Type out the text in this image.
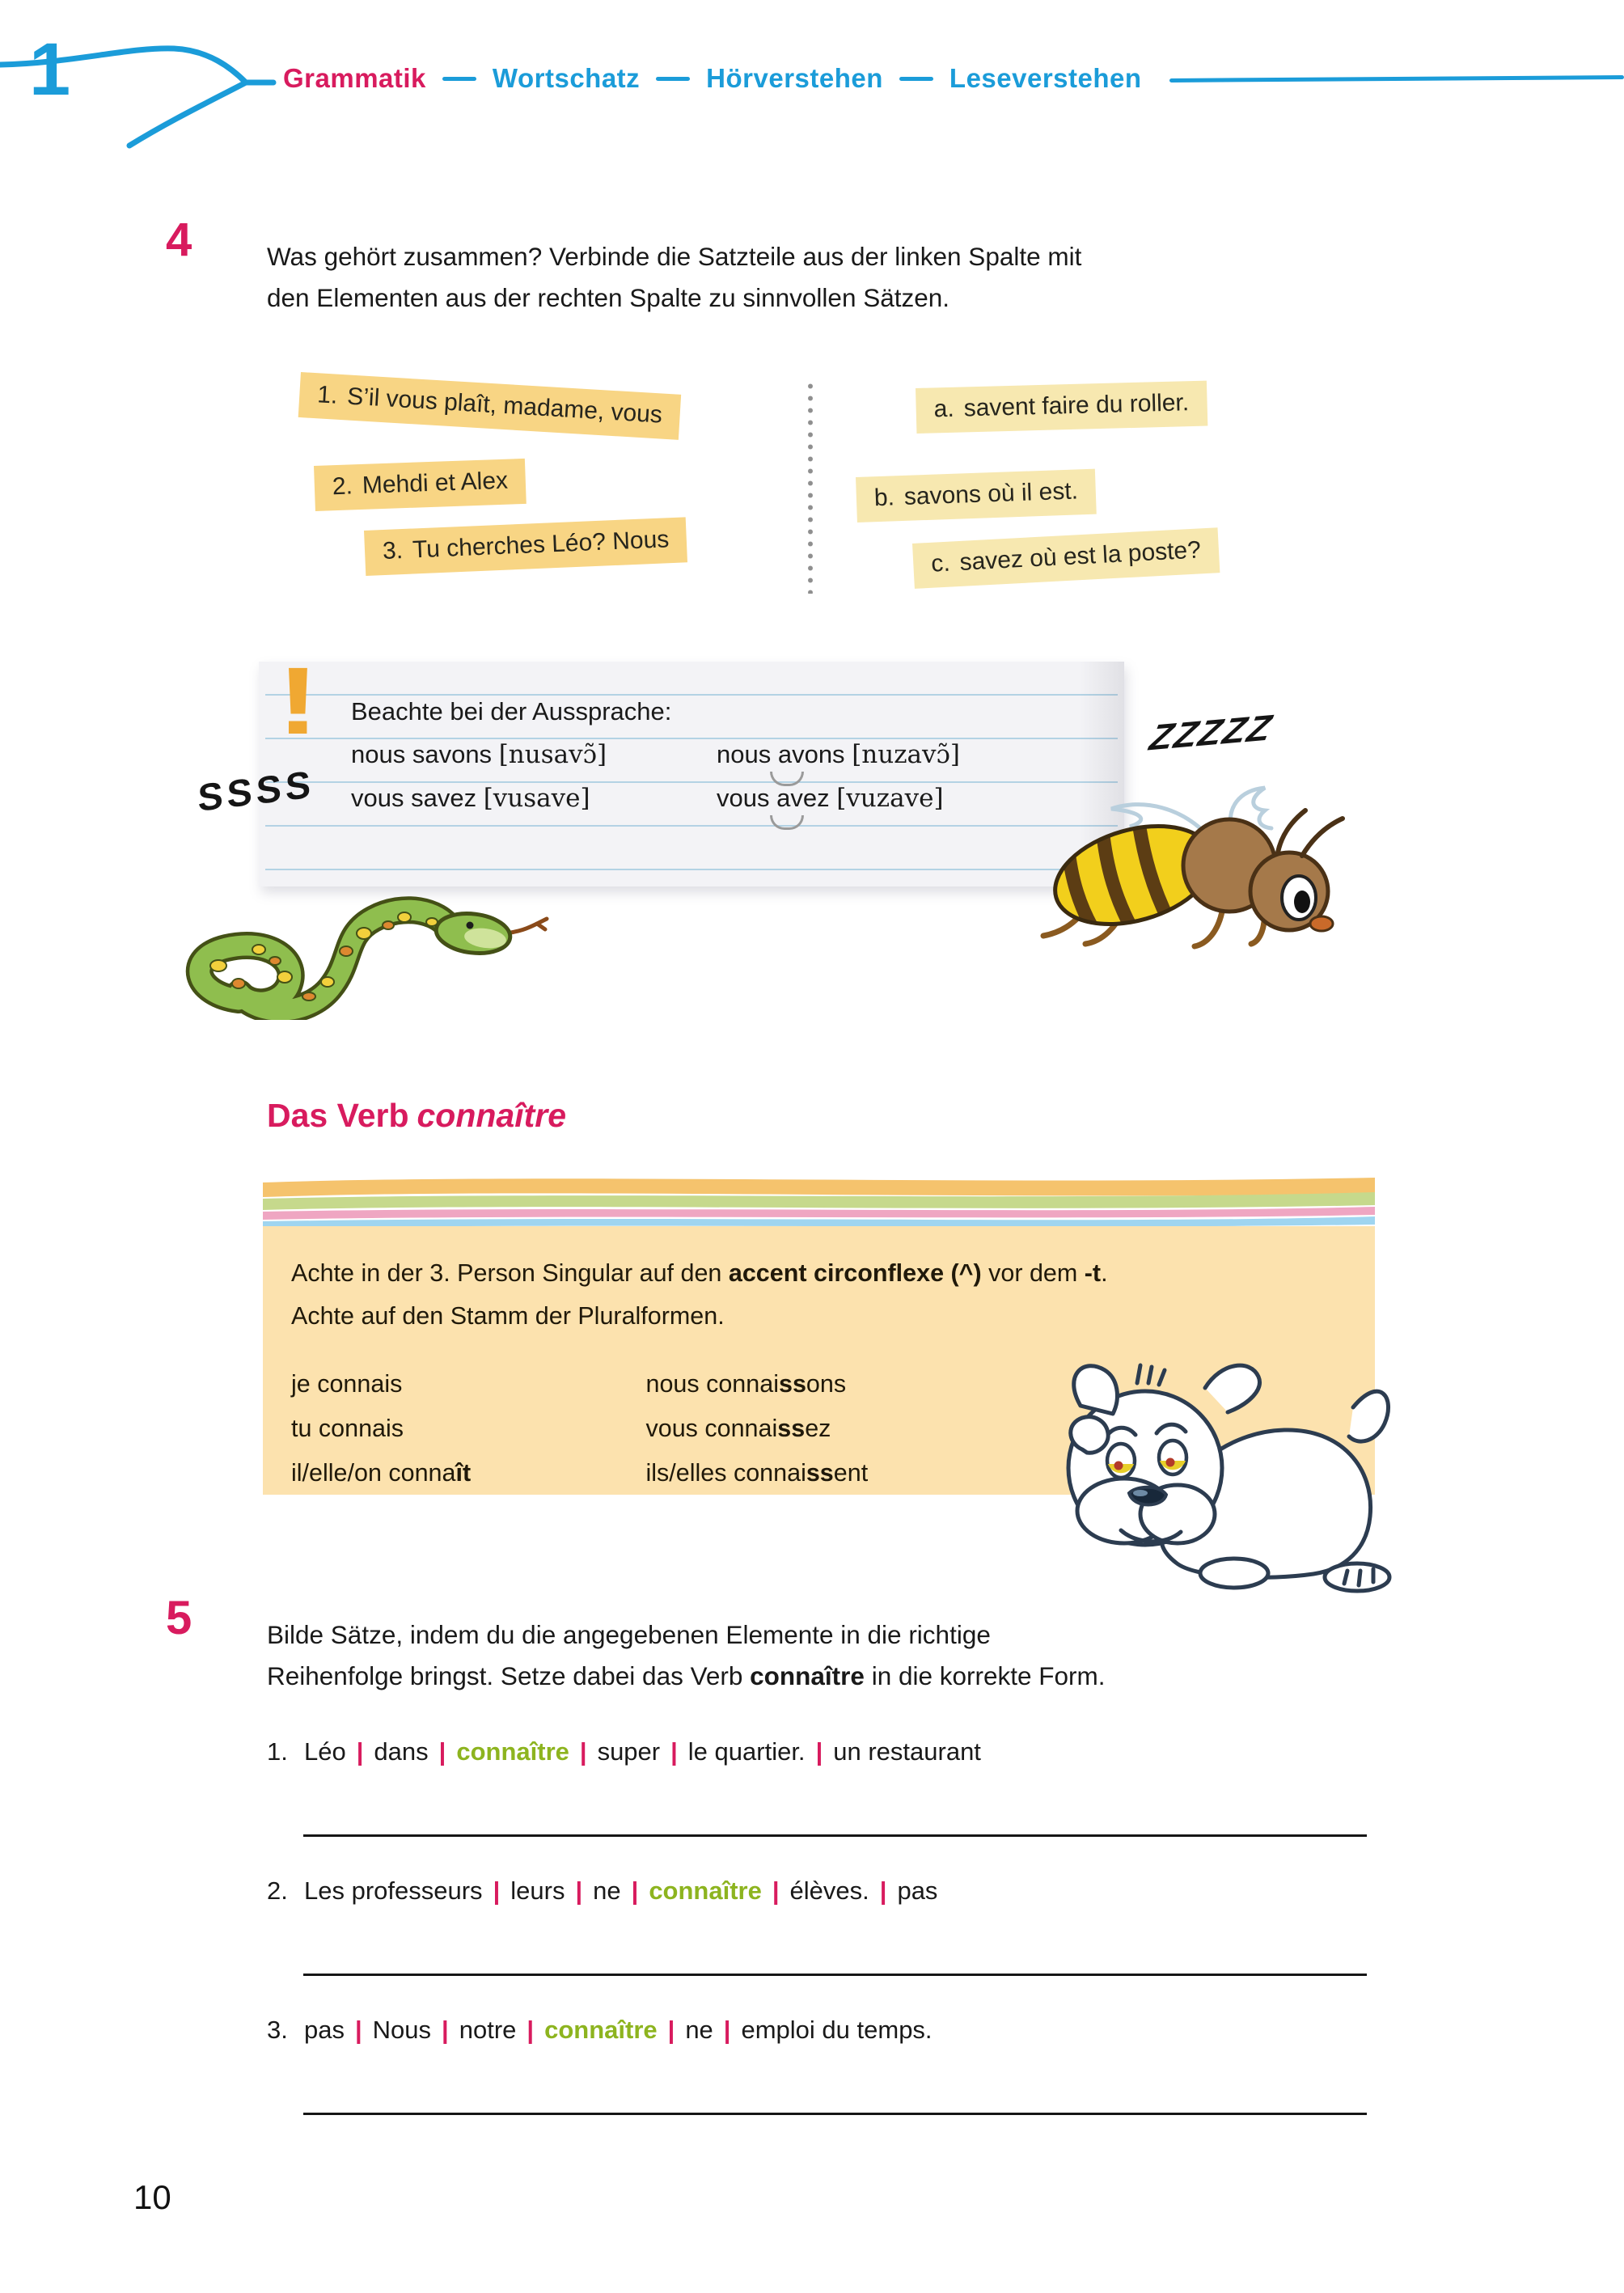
1	Grammatik Wortschatz Hörverstehen Leseverstehen
4	Was gehört zusammen? Verbinde die Satzteile aus der linken Spalte mit
den Elementen aus der rechten Spalte zu sinnvollen Sätzen.
1. S’il vous plaît, madame, vous
2. Mehdi et Alex
3. Tu cherches Léo? Nous
a. savent faire du roller.
b. savons où il est.
c. savez où est la poste?
! Beachte bei der Aussprache:
nous savons [nusavɔ̃]	nous avons [nuzavɔ̃]
vous savez [vusave]	vous avez [vuzave]
SSSS
ZZZZZ
Das Verb connaître
Achte in der 3. Person Singular auf den accent circonflexe (^) vor dem -t.
Achte auf den Stamm der Pluralformen.
je connais	nous connaissons
tu connais	vous connaissez
il/elle/on connaît	ils/elles connaissent
5	Bilde Sätze, indem du die angegebenen Elemente in die richtige
Reihenfolge bringst. Setze dabei das Verb connaître in die korrekte Form.
1. Léo | dans | connaître | super | le quartier. | un restaurant
2. Les professeurs | leurs | ne | connaître | élèves. | pas
3. pas | Nous | notre | connaître | ne | emploi du temps.
10
